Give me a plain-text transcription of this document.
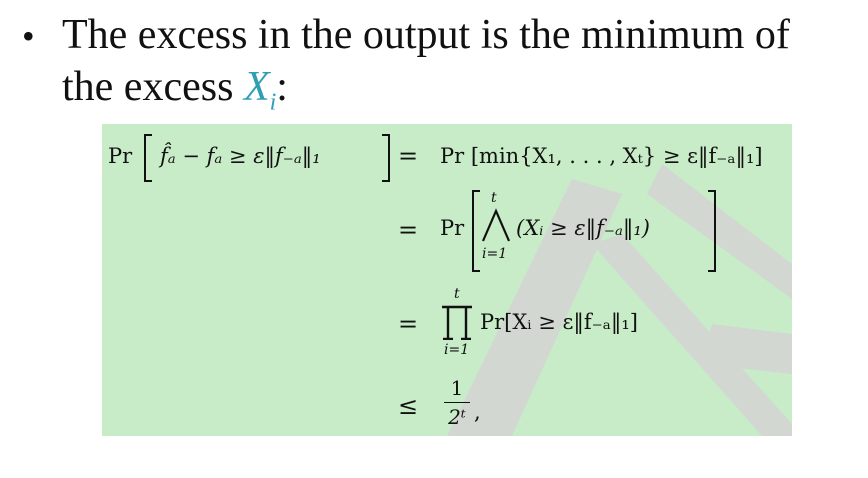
• The excess in the output is the minimum of
the excess $X_i$:
Pr f̂ₐ − fₐ ≥ ε‖f₋ₐ‖₁	= Pr [min{X₁, . . . , Xₜ} ≥ ε‖f₋ₐ‖₁]
= Pr
t
i=1
(Xᵢ ≥ ε‖f₋ₐ‖₁)
=
t
i=1
Pr[Xᵢ ≥ ε‖f₋ₐ‖₁]
≤
1
2ᵗ ,
